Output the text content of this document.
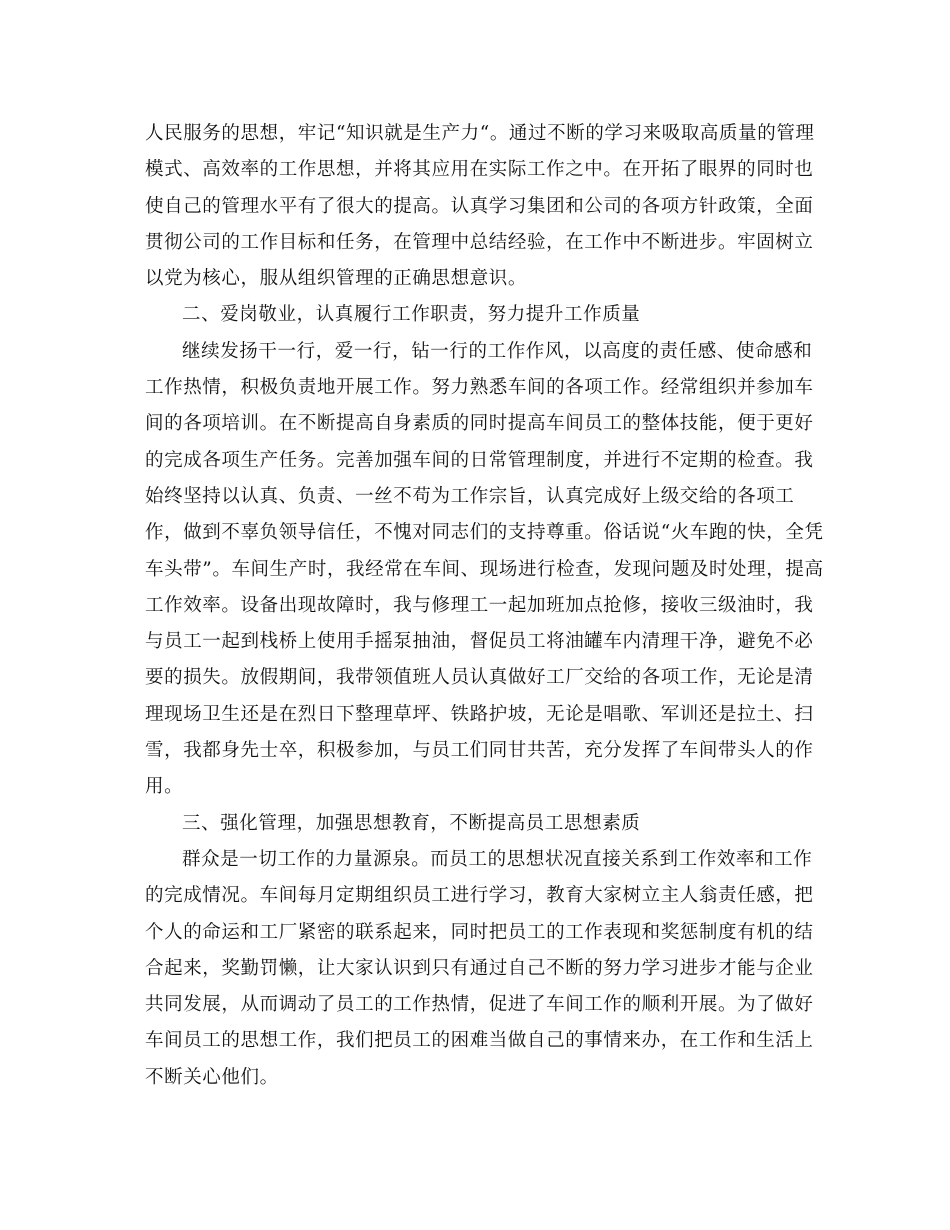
人民服务的思想，牢记“知识就是生产力“。通过不断的学习来吸取高质量的管理
模式、高效率的工作思想，并将其应用在实际工作之中。在开拓了眼界的同时也
使自己的管理水平有了很大的提高。认真学习集团和公司的各项方针政策，全面
贯彻公司的工作目标和任务，在管理中总结经验，在工作中不断进步。牢固树立
以党为核心，服从组织管理的正确思想意识。
二、爱岗敬业，认真履行工作职责，努力提升工作质量
继续发扬干一行，爱一行，钻一行的工作作风，以高度的责任感、使命感和
工作热情，积极负责地开展工作。努力熟悉车间的各项工作。经常组织并参加车
间的各项培训。在不断提高自身素质的同时提高车间员工的整体技能，便于更好
的完成各项生产任务。完善加强车间的日常管理制度，并进行不定期的检查。我
始终坚持以认真、负责、一丝不苟为工作宗旨，认真完成好上级交给的各项工
作，做到不辜负领导信任，不愧对同志们的支持尊重。俗话说“火车跑的快，全凭
车头带”。车间生产时，我经常在车间、现场进行检查，发现问题及时处理，提高
工作效率。设备出现故障时，我与修理工一起加班加点抢修，接收三级油时，我
与员工一起到栈桥上使用手摇泵抽油，督促员工将油罐车内清理干净，避免不必
要的损失。放假期间，我带领值班人员认真做好工厂交给的各项工作，无论是清
理现场卫生还是在烈日下整理草坪、铁路护坡，无论是唱歌、军训还是拉土、扫
雪，我都身先士卒，积极参加，与员工们同甘共苦，充分发挥了车间带头人的作
用。
三、强化管理，加强思想教育，不断提高员工思想素质
群众是一切工作的力量源泉。而员工的思想状况直接关系到工作效率和工作
的完成情况。车间每月定期组织员工进行学习，教育大家树立主人翁责任感，把
个人的命运和工厂紧密的联系起来，同时把员工的工作表现和奖惩制度有机的结
合起来，奖勤罚懒，让大家认识到只有通过自己不断的努力学习进步才能与企业
共同发展，从而调动了员工的工作热情，促进了车间工作的顺利开展。为了做好
车间员工的思想工作，我们把员工的困难当做自己的事情来办，在工作和生活上
不断关心他们。
